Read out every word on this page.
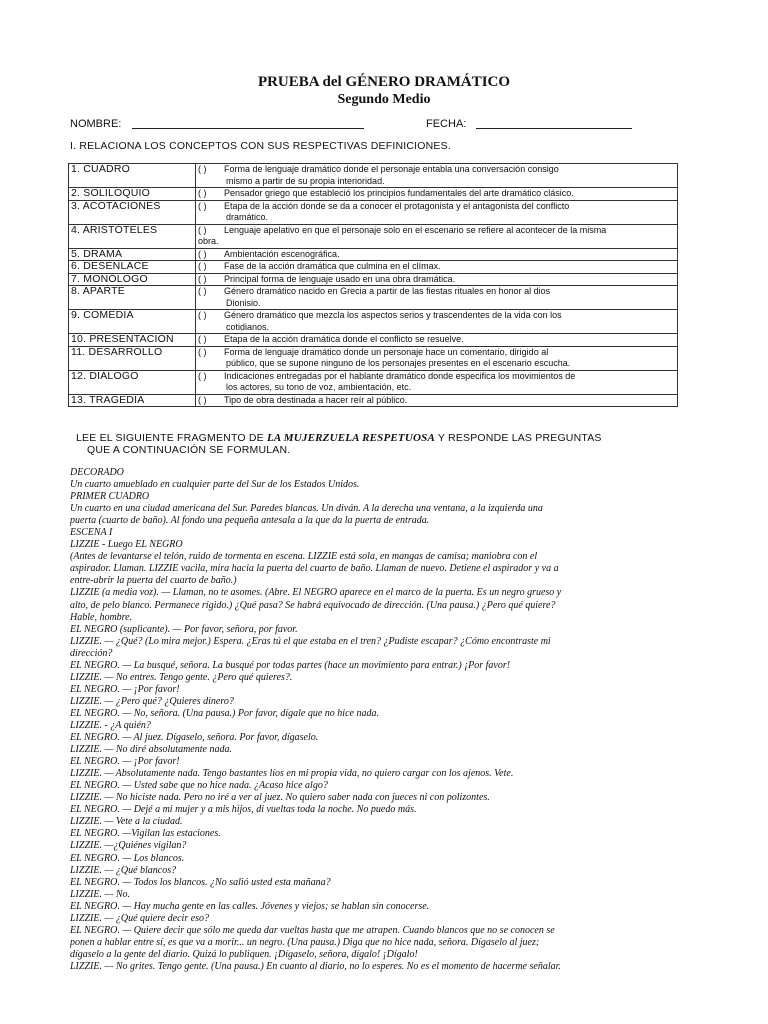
PRUEBA del GÉNERO DRAMÁTICO
Segundo Medio
NOMBRE:	FECHA:
I. RELACIONA LOS CONCEPTOS CON SUS RESPECTIVAS DEFINICIONES.
1. CUADRO	( ) Forma de lenguaje dramático donde el personaje entabla una conversación consigo
mismo a partir de su propia interioridad.

2. SOLILOQUIO	( ) Pensador griego que estableció los principios fundamentales del arte dramático clásico.
3. ACOTACIONES	( ) Etapa de la acción donde se da a conocer el protagonista y el antagonista del conflicto
dramático.

4. ARISTÓTELES	( ) Lenguaje apelativo en que el personaje solo en el escenario se refiere al acontecer de la misma
obra.

5. DRAMA	( ) Ambientación escenográfica.
6. DESENLACE	( ) Fase de la acción dramática que culmina en el clímax.
7. MONÓLOGO	( ) Principal forma de lenguaje usado en una obra dramática.
8. APARTE	( ) Género dramático nacido en Grecia a partir de las fiestas rituales en honor al dios
Dionisio.

9. COMEDIA	( ) Género dramático que mezcla los aspectos serios y trascendentes de la vida con los
cotidianos.

10. PRESENTACIÓN	( ) Etapa de la acción dramática donde el conflicto se resuelve.
11. DESARROLLO	( ) Forma de lenguaje dramático donde un personaje hace un comentario, dirigido al
público, que se supone ninguno de los personajes presentes en el escenario escucha.

12. DIÁLOGO	( ) Indicaciones entregadas por el hablante dramático donde especifica los movimientos de
los actores, su tono de voz, ambientación, etc.

13. TRAGEDIA	( ) Tipo de obra destinada a hacer reír al público.
LEE EL SIGUIENTE FRAGMENTO DE LA MUJERZUELA RESPETUOSA Y RESPONDE LAS PREGUNTAS
QUE A CONTINUACIÓN SE FORMULAN.
DECORADO
Un cuarto amueblado en cualquier parte del Sur de los Estados Unidos.
PRIMER CUADRO
Un cuarto en una ciudad americana del Sur. Paredes blancas. Un diván. A la derecha una ventana, a la izquierda una
puerta (cuarto de baño). Al fondo una pequeña antesala a la que da la puerta de entrada.
ESCENA I
LIZZIE - Luego EL NEGRO
(Antes de levantarse el telón, ruido de tormenta en escena. LIZZIE está sola, en mangas de camisa; maniobra con el
aspirador. Llaman. LIZZIE vacila, mira hacia la puerta del cuarto de baño. Llaman de nuevo. Detiene el aspirador y va a
entre-abrir la puerta del cuarto de baño.)
LIZZIE (a media voz). — Llaman, no te asomes. (Abre. El NEGRO aparece en el marco de la puerta. Es un negro grueso y
alto, de pelo blanco. Permanece rígido.) ¿Qué pasa? Se habrá equivocado de dirección. (Una pausa.) ¿Pero qué quiere?
Hable, hombre.
EL NEGRO (suplicante). — Por favor, señora, por favor.
LIZZIE. — ¿Qué? (Lo mira mejor.) Espera. ¿Eras tú el que estaba en el tren? ¿Pudiste escapar? ¿Cómo encontraste mi
dirección?
EL NEGRO. — La busqué, señora. La busqué por todas partes (hace un movimiento para entrar.) ¡Por favor!
LIZZIE. — No entres. Tengo gente. ¿Pero qué quieres?.
EL NEGRO. — ¡Por favor!
LIZZIE. — ¿Pero qué? ¿Quieres dinero?
EL NEGRO. — No, señora. (Una pausa.) Por favor, dígale que no hice nada.
LIZZIE. - ¿A quién?
EL NEGRO. — Al juez. Dígaselo, señora. Por favor, dígaselo.
LIZZIE. — No diré absolutamente nada.
EL NEGRO. — ¡Por favor!
LIZZIE. — Absolutamente nada. Tengo bastantes líos en mi propia vida, no quiero cargar con los ajenos. Vete.
EL NEGRO. — Usted sabe que no hice nada. ¿Acaso hice algo?
LIZZIE. — No hiciste nada. Pero no iré a ver al juez. No quiero saber nada con jueces ni con polizontes.
EL NEGRO. — Dejé a mi mujer y a mis hijos, di vueltas toda la noche. No puedo más.
LIZZIE. — Vete a la ciudad.
EL NEGRO. —Vigilan las estaciones.
LIZZIE. —¿Quiénes vigilan?
EL NEGRO. — Los blancos.
LIZZIE. — ¿Qué blancos?
EL NEGRO. — Todos los blancos. ¿No salió usted esta mañana?
LIZZIE. — No.
EL NEGRO. — Hay mucha gente en las calles. Jóvenes y viejos; se hablan sin conocerse.
LIZZIE. — ¿Qué quiere decir eso?
EL NEGRO. — Quiere decir que sólo me queda dar vueltas hasta que me atrapen. Cuando blancos que no se conocen se
ponen a hablar entre sí, es que va a morir... un negro. (Una pausa.) Diga que no hice nada, señora. Dígaselo al juez;
dígaselo a la gente del diario. Quizá lo publiquen. ¡Dígaselo, señora, dígalo! ¡Dígalo!
LIZZIE. — No grites. Tengo gente. (Una pausa.) En cuanto al diario, no lo esperes. No es el momento de hacerme señalar.
